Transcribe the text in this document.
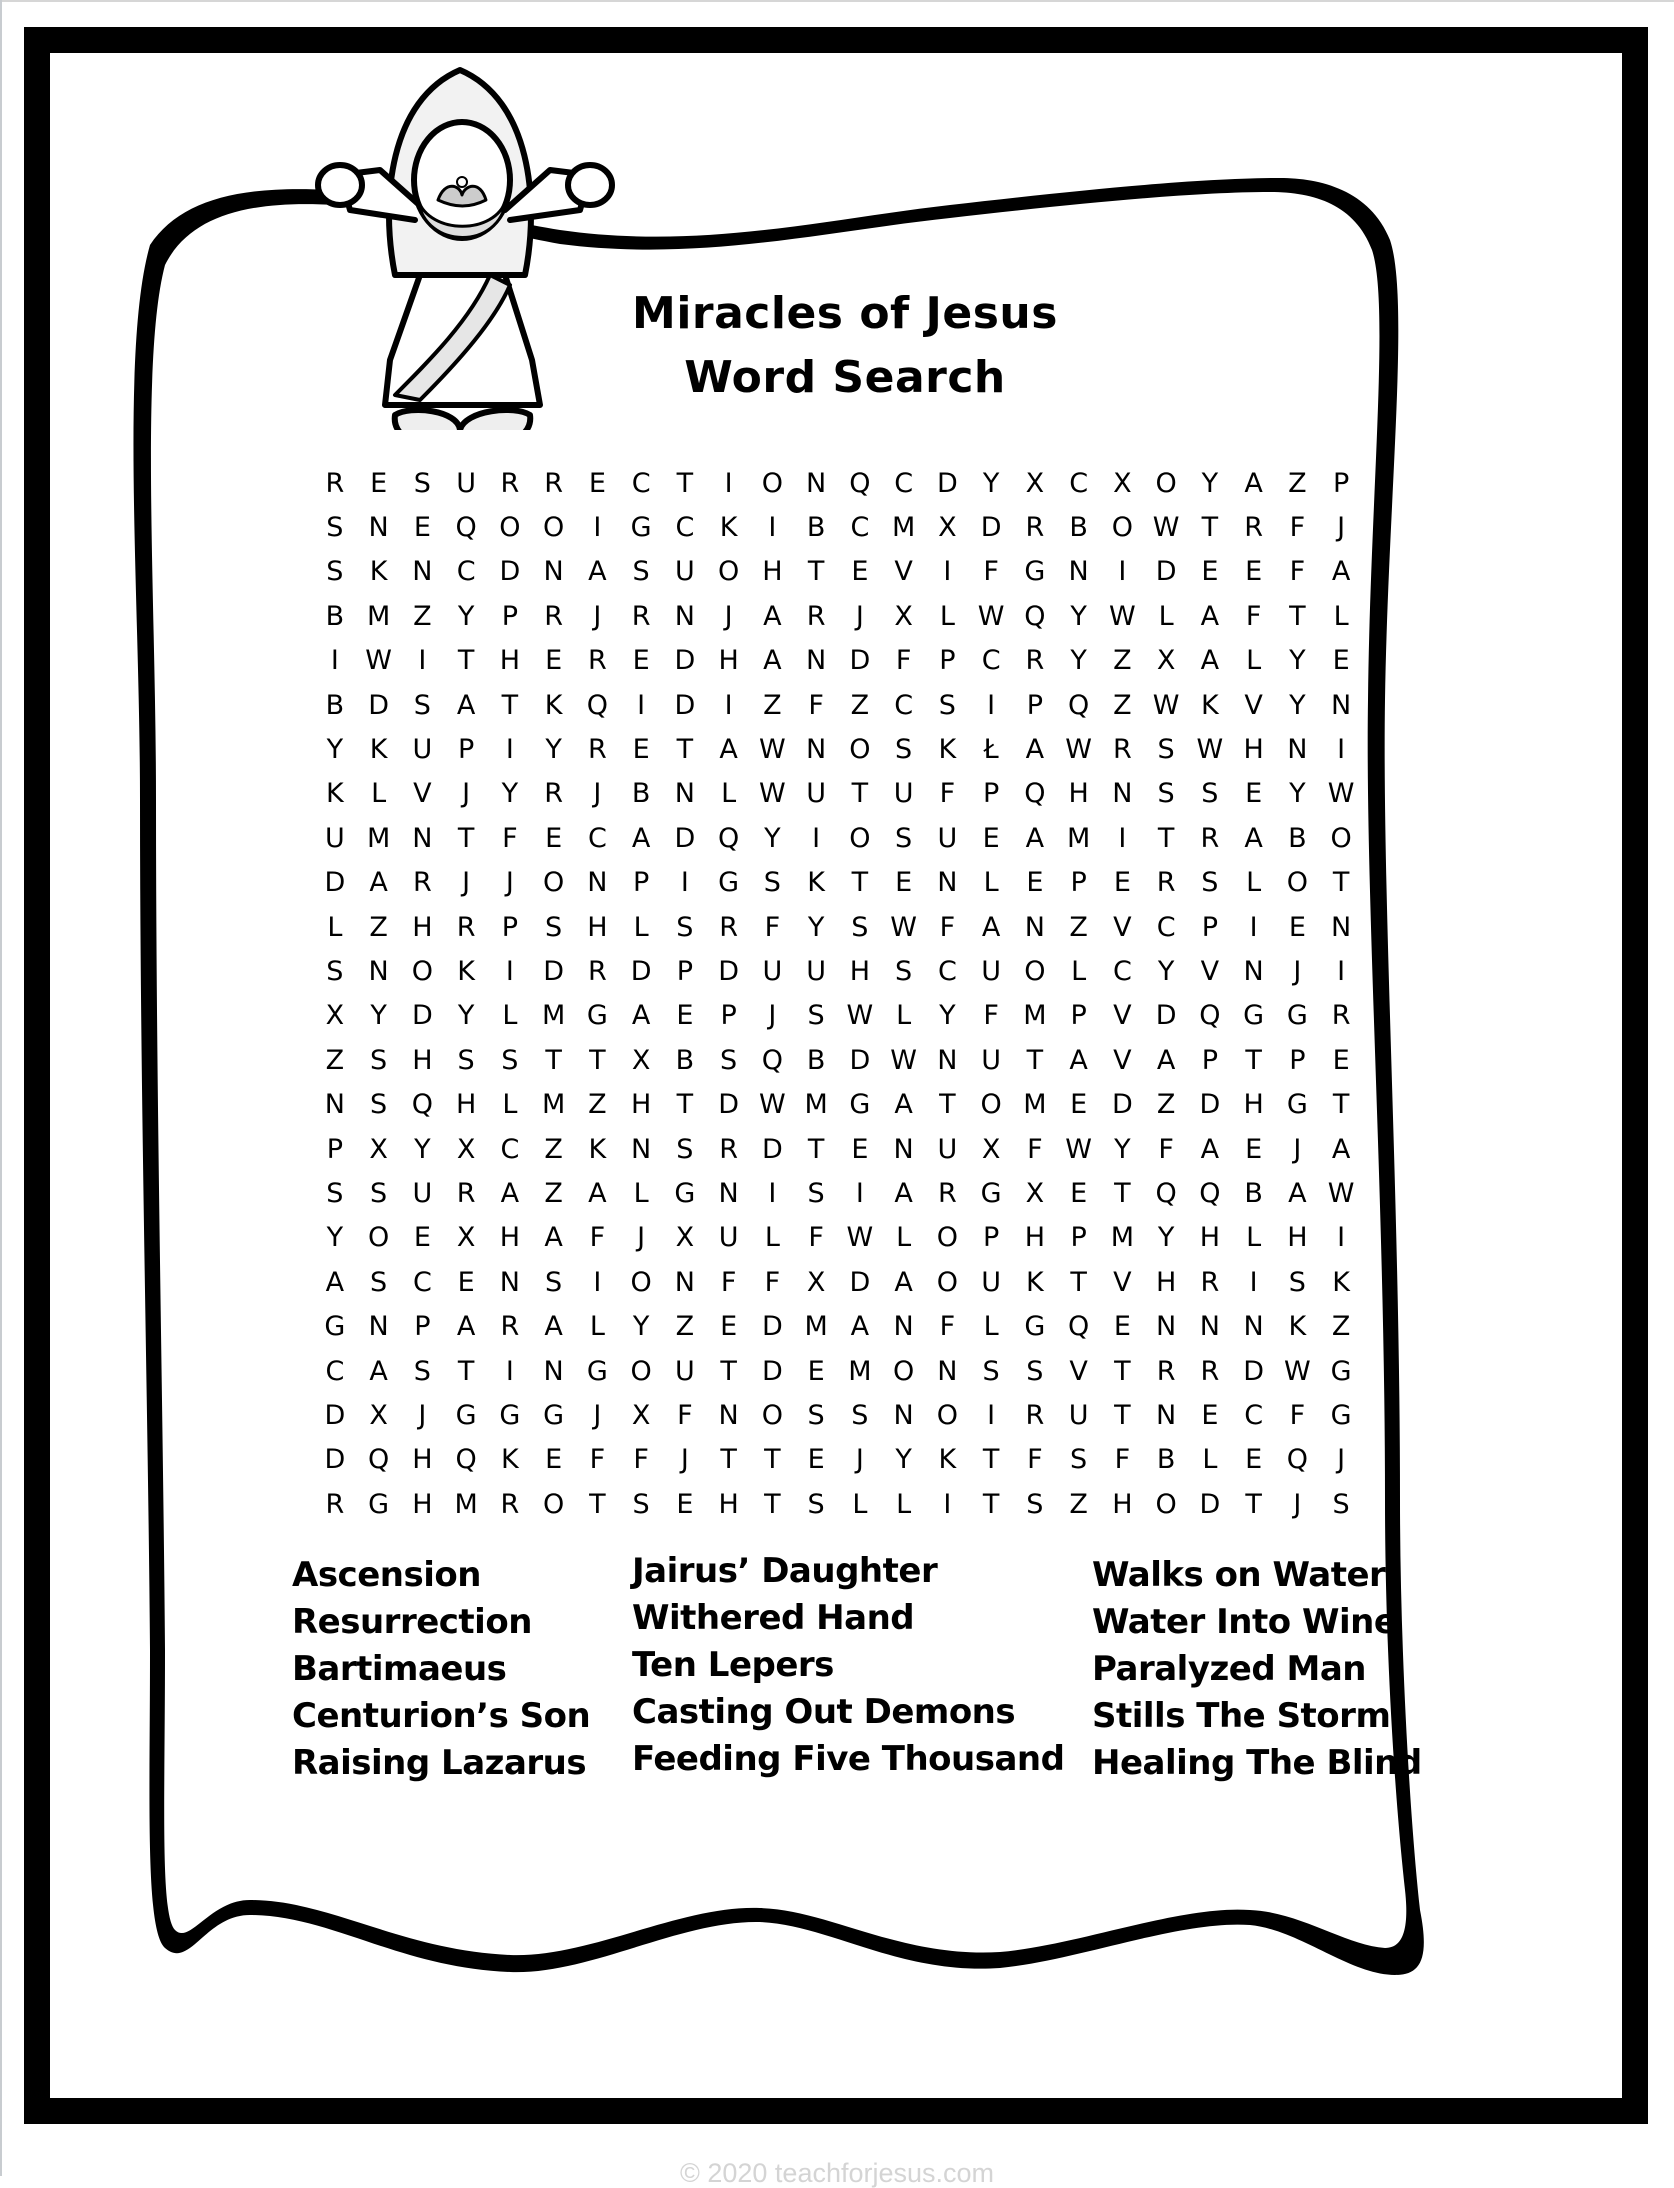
Miracles of Jesus
Word Search
R E S U R R E C T	I	O N Q C D Y X C X O Y A Z P
S N E Q O O	I	G C K	I	B C M X D R B O W T R F	J
S K N C D N A S U O H T E V	I	F G N	I	D E E	F A
B M Z Y	P R	J	R N	J	A R	J	X L W Q Y W L A F	T	L
I W I	T H E R E D H A N D F	P C R Y Z X A L	Y E
B D S A T K Q	I	D	I	Z F Z C S	I	P Q Z W K V Y N
Y K U P	I	Y R E T A W N O S K	Ł A W R S W H N	I
K	L V	J	Y R	J	B N L W U T U F	P Q H N S S E Y W
U M N T	F	E C A D Q Y	I	O S U E A M	I	T R A B O
D A R	J	J	O N P	I	G S K T E N L	E	P	E R S	L O T
L Z H R P	S H L	S R F	Y S W F A N Z V C P	I	E N
S N O K	I	D R D P D U U H S C U O L C Y V N	J	I
X Y D Y	L M G A E	P	J	S W L	Y	F M P V D Q G G R
Z S H S S T	T X B S Q B D W N U T A V A P	T	P	E
N S Q H L M Z H T D W M G A T O M E D Z D H G T
P X Y X C Z K N S R D T E N U X F W Y	F A E	J	A
S S U R A Z A L G N	I	S	I	A R G X E T Q Q B A W
Y O E X H A F	J	X U L	F W L O P H P M Y H L H	I
A S C E N S	I	O N F	F X D A O U K T V H R	I	S K
G N P A R A L	Y Z E D M A N F	L G Q E N N N K Z
C A S T	I	N G O U T D E M O N S S V T R R D W G
D X	J	G G G	J	X F N O S S N O	I	R U T N E C F G
D Q H Q K E	F	F	J	T	T E	J	Y K T	F	S	F B L	E Q	J
R G H M R O T S E H T S	L	L	I	T S Z H O D T	J	S
Ascension
Resurrection
Bartimaeus
Centurion’s Son
Raising Lazarus
Jairus’ Daughter
Withered Hand
Ten Lepers
Casting Out Demons
Feeding Five Thousand
Walks on Water
Water Into Wine
Paralyzed Man
Stills The Storm
Healing The Blind
© 2020 teachforjesus.com
